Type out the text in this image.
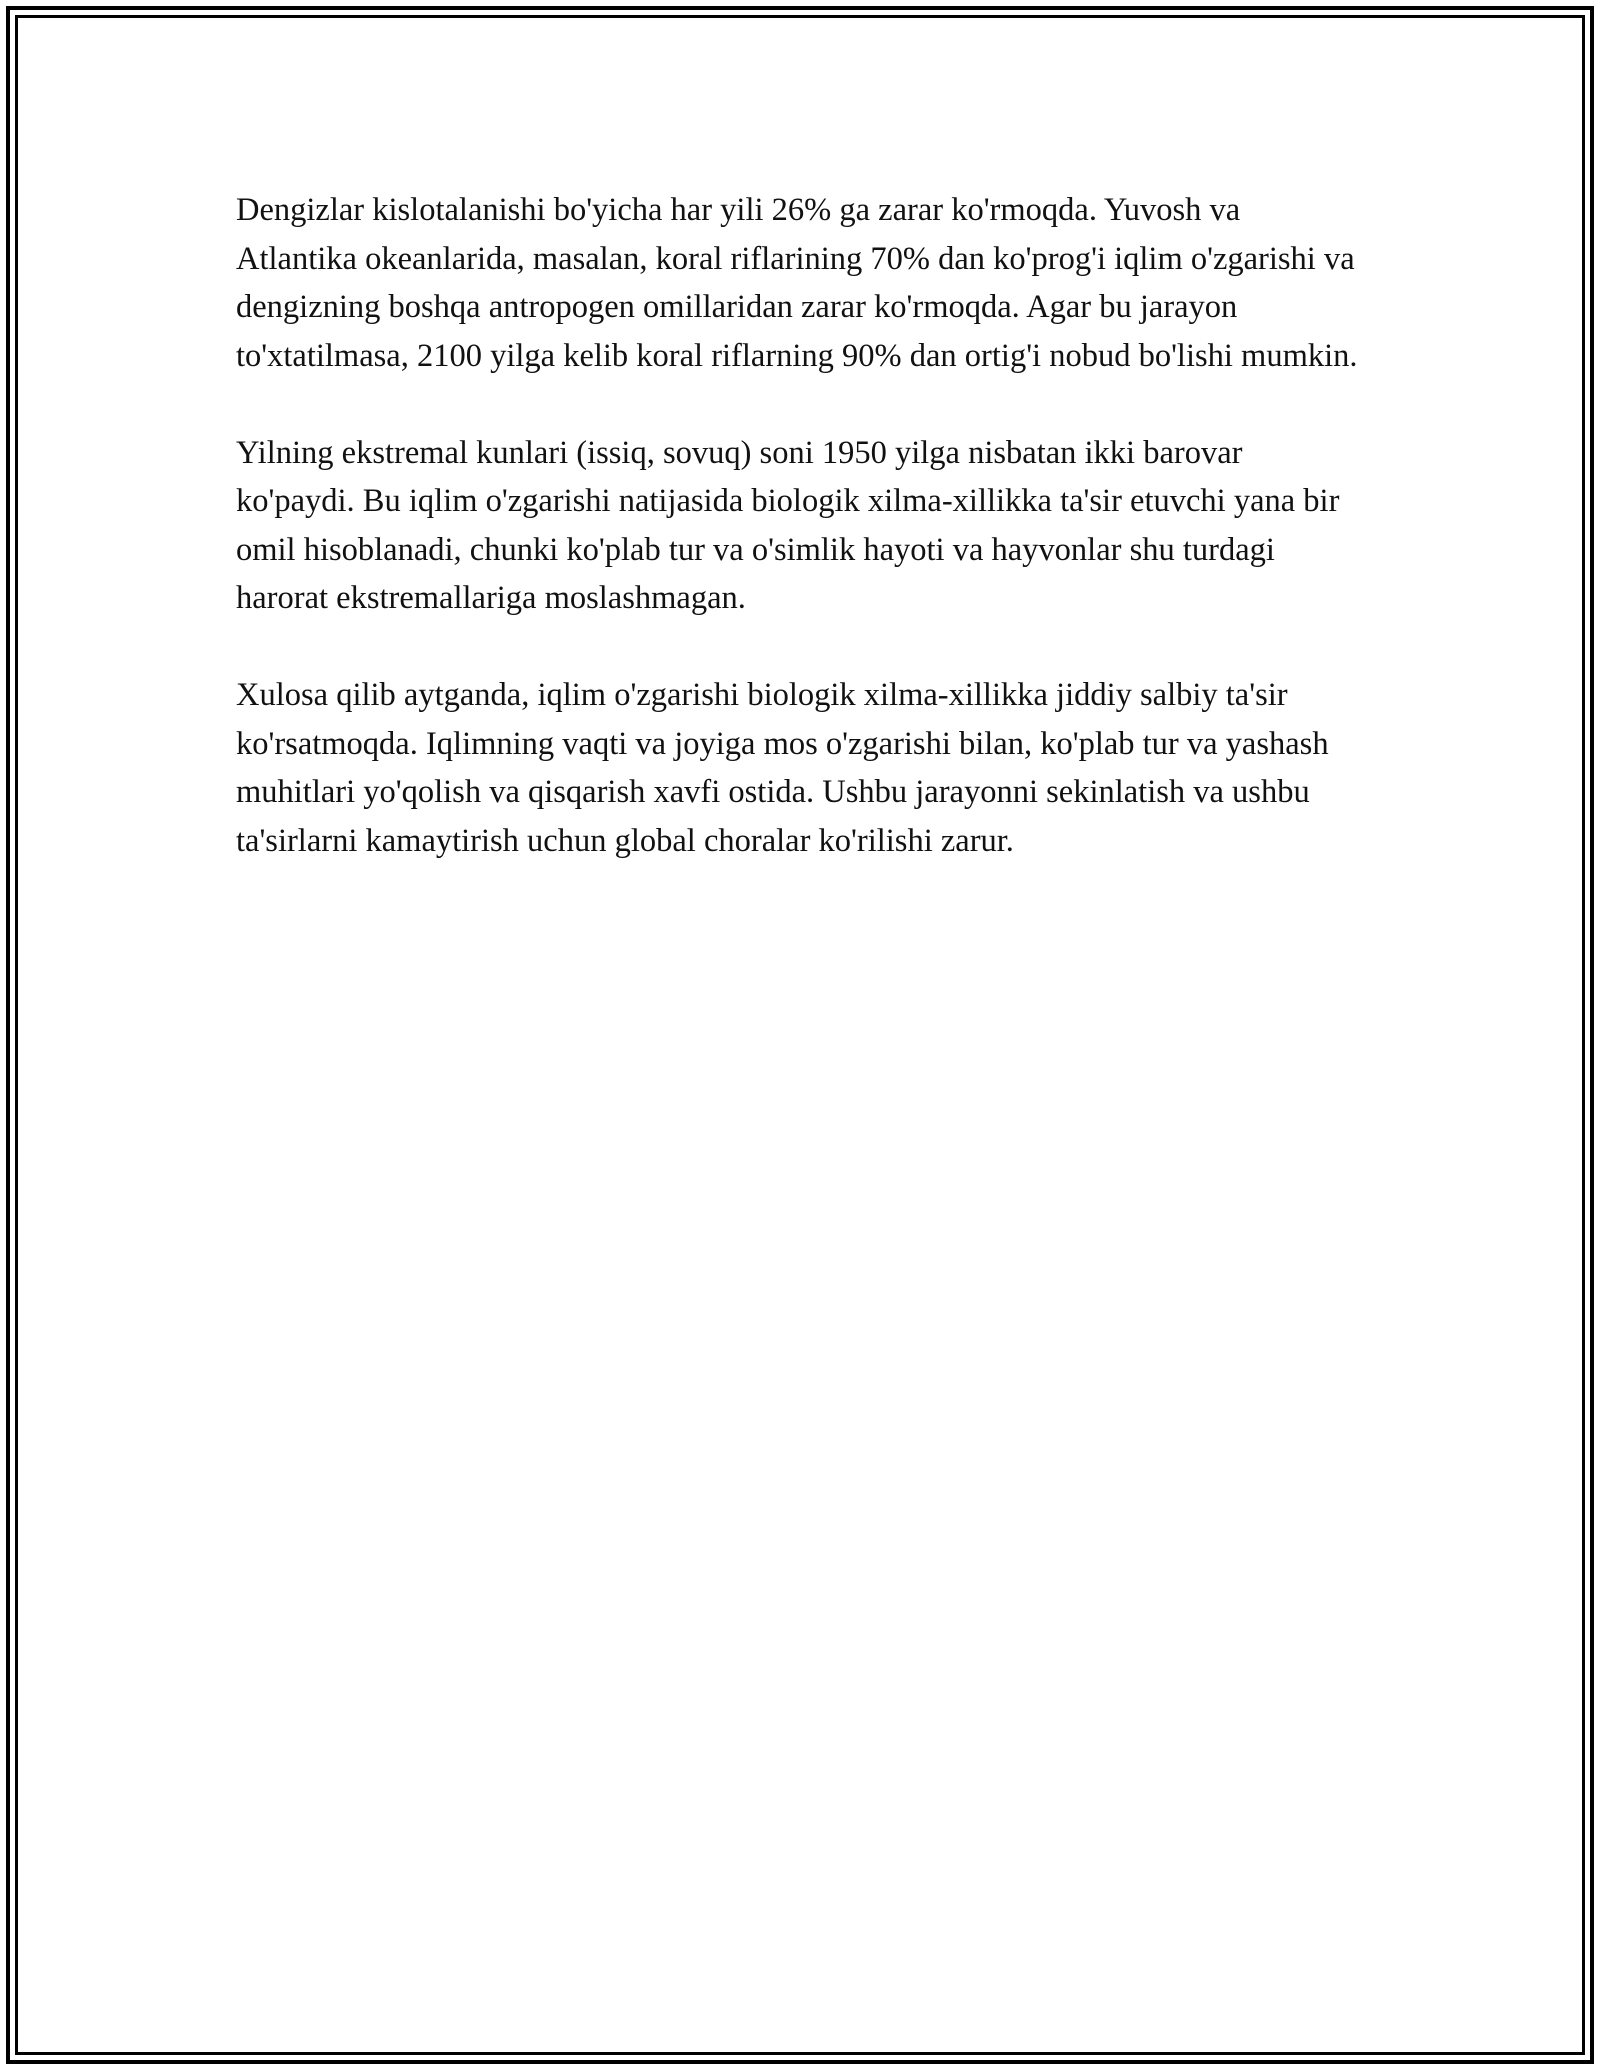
Dengizlar kislotalanishi bo'yicha har yili 26% ga zarar ko'rmoqda. Yuvosh va Atlantika okeanlarida, masalan, koral riflarining 70% dan ko'prog'i iqlim o'zgarishi va dengizning boshqa antropogen omillaridan zarar ko'rmoqda. Agar bu jarayon to'xtatilmasa, 2100 yilga kelib koral riflarning 90% dan ortig'i nobud bo'lishi mumkin.

Yilning ekstremal kunlari (issiq, sovuq) soni 1950 yilga nisbatan ikki barovar ko'paydi. Bu iqlim o'zgarishi natijasida biologik xilma-xillikka ta'sir etuvchi yana bir omil hisoblanadi, chunki ko'plab tur va o'simlik hayoti va hayvonlar shu turdagi harorat ekstremallariga moslashmagan.

Xulosa qilib aytganda, iqlim o'zgarishi biologik xilma-xillikka jiddiy salbiy ta'sir ko'rsatmoqda. Iqlimning vaqti va joyiga mos o'zgarishi bilan, ko'plab tur va yashash muhitlari yo'qolish va qisqarish xavfi ostida. Ushbu jarayonni sekinlatish va ushbu ta'sirlarni kamaytirish uchun global choralar ko'rilishi zarur.
